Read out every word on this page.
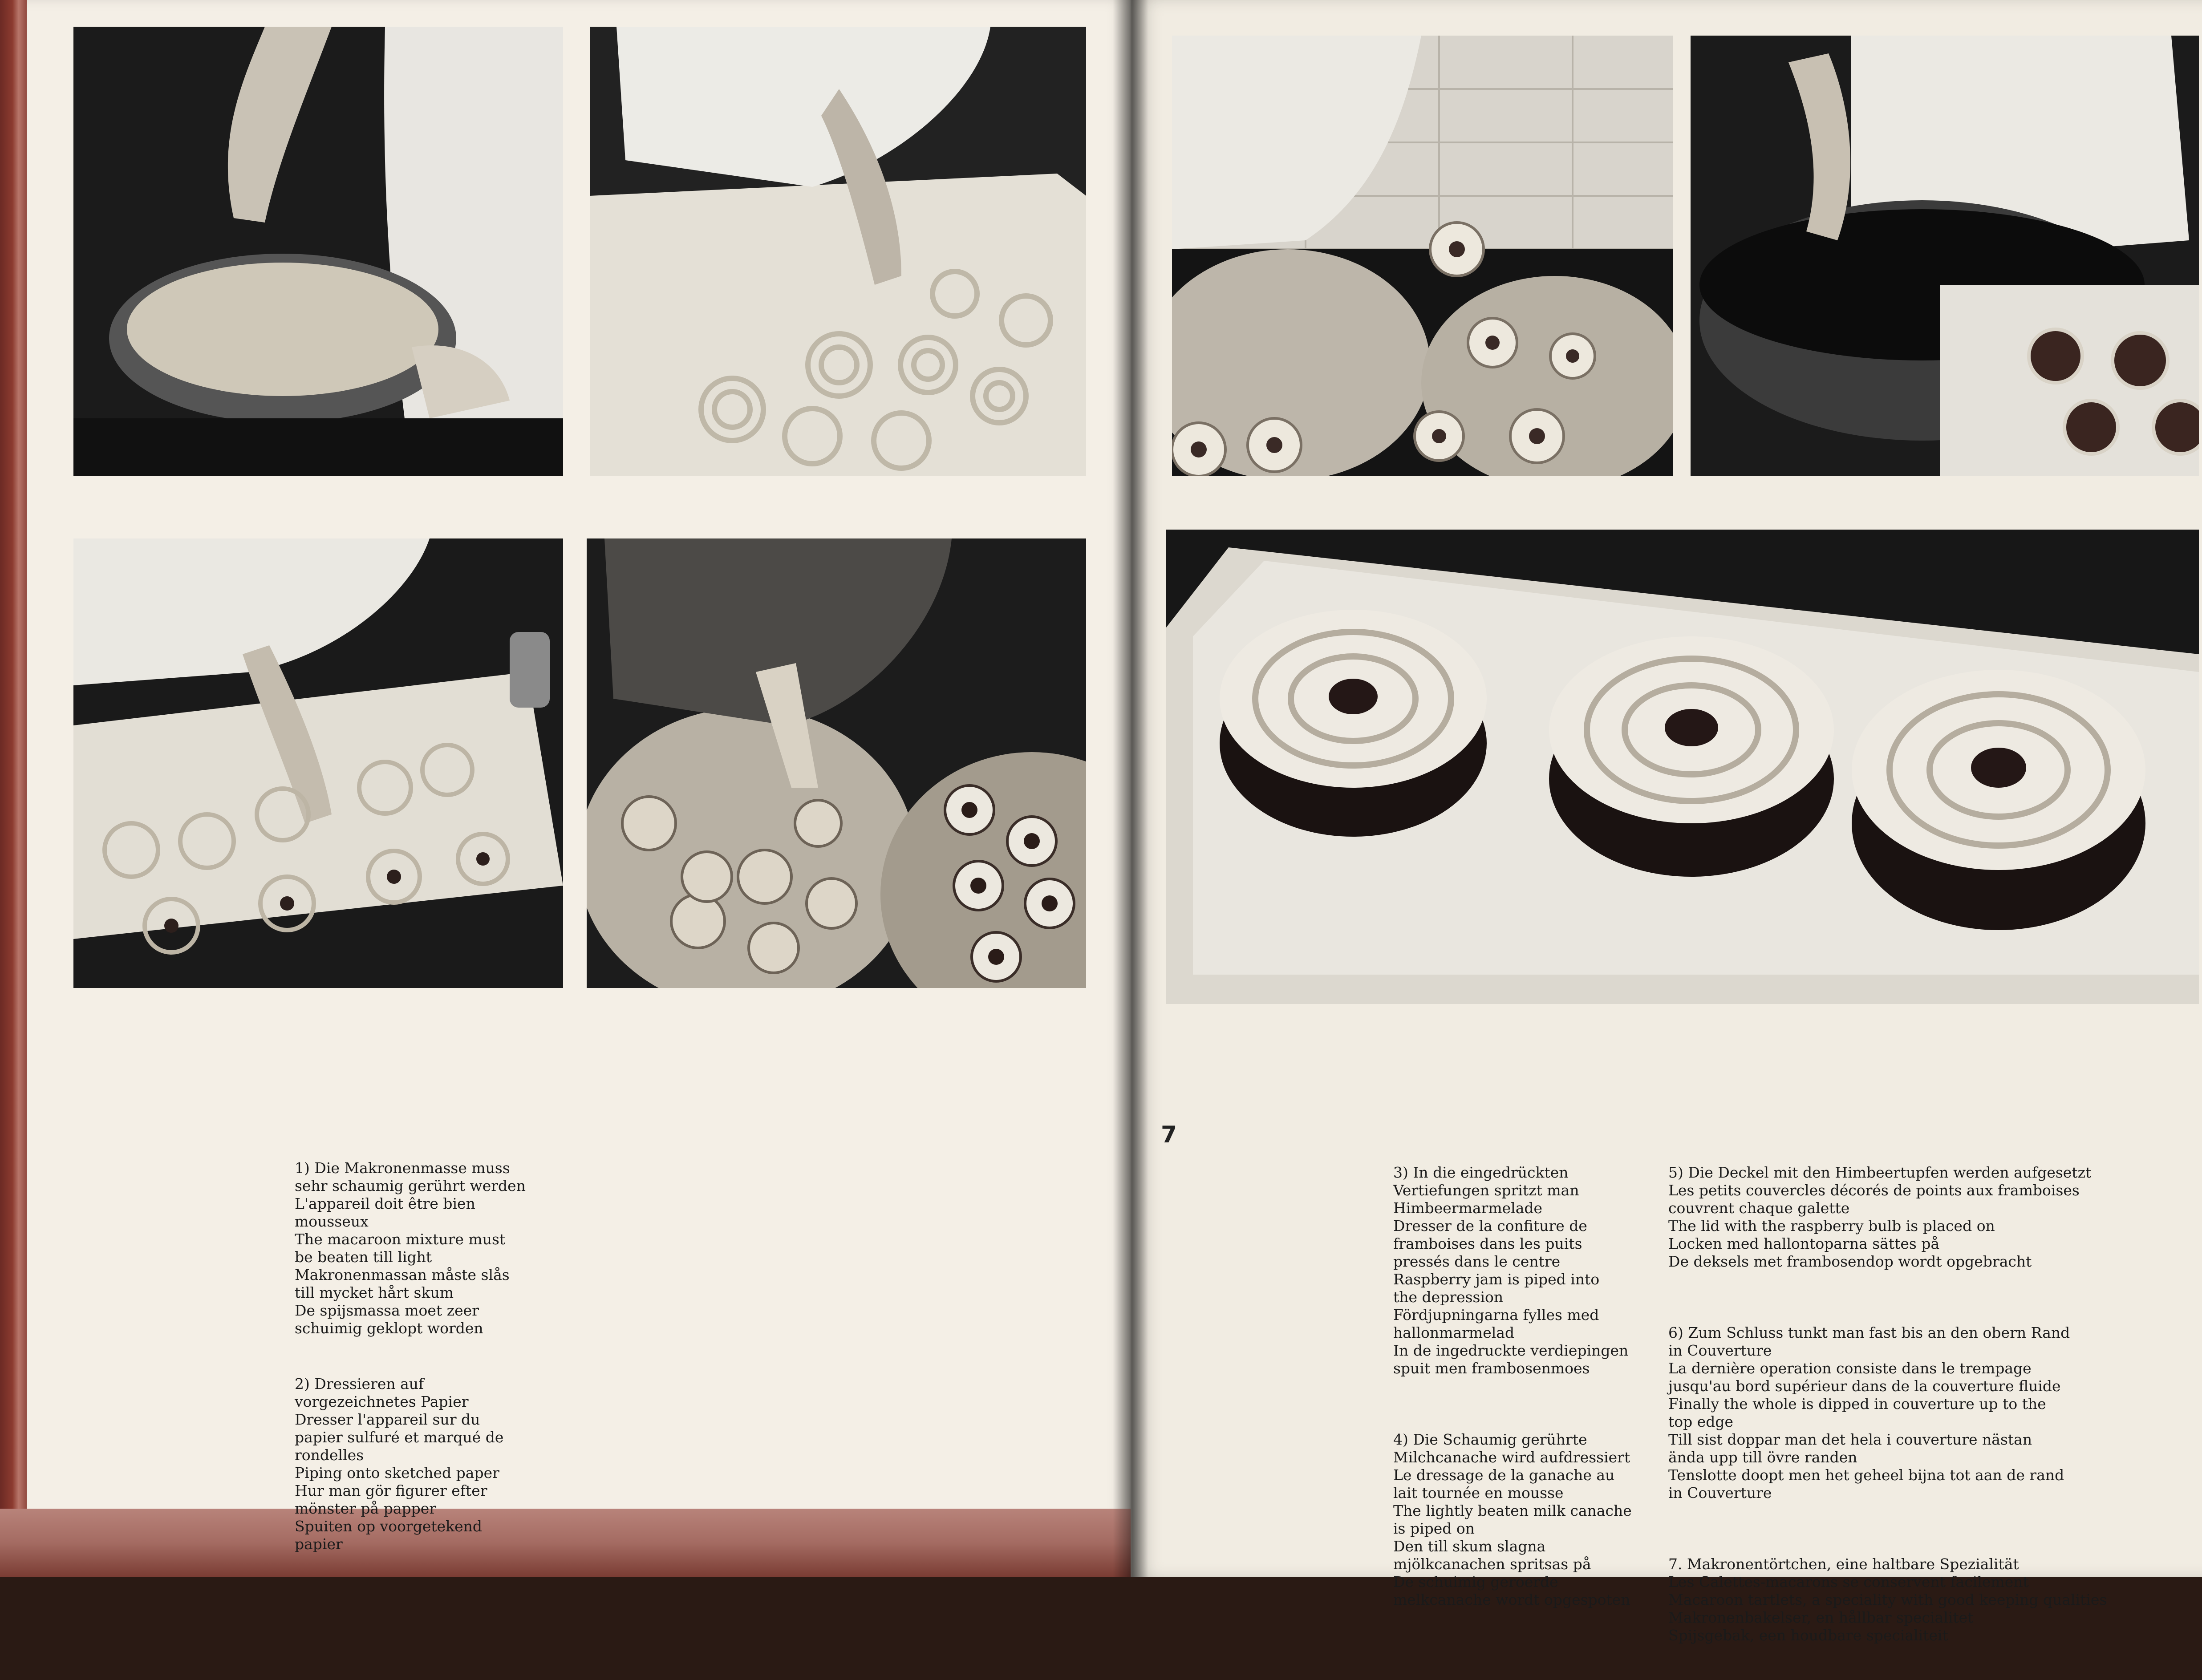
1) Die Makronenmasse muss
sehr schaumig gerührt werden
L'appareil doit être bien
mousseux
The macaroon mixture must
be beaten till light
Makronenmassan måste slås
till mycket hårt skum
De spijsmassa moet zeer
schuimig geklopt worden

2) Dressieren auf
vorgezeichnetes Papier
Dresser l'appareil sur du
papier sulfuré et marqué de
rondelles
Piping onto sketched paper
Hur man gör figurer efter
mönster på papper
Spuiten op voorgetekend
papier

7

3) In die eingedrückten
Vertiefungen spritzt man
Himbeermarmelade
Dresser de la confiture de
framboises dans les puits
pressés dans le centre
Raspberry jam is piped into
the depression
Fördjupningarna fylles med
hallonmarmelad
In de ingedruckte verdiepingen
spuit men frambosenmoes

4) Die Schaumig gerührte
Milchcanache wird aufdressiert
Le dressage de la ganache au
lait tournée en mousse
The lightly beaten milk canache
is piped on
Den till skum slagna
mjölkcanachen spritsas på
De schuimig geroerde
melkcanache wordt opgespoten

5) Die Deckel mit den Himbeertupfen werden aufgesetzt
Les petits couvercles décorés de points aux framboises
couvrent chaque galette
The lid with the raspberry bulb is placed on
Locken med hallontoparna sättes på
De deksels met frambosendop wordt opgebracht

6) Zum Schluss tunkt man fast bis an den obern Rand
in Couverture
La dernière operation consiste dans le trempage
jusqu'au bord supérieur dans de la couverture fluide
Finally the whole is dipped in couverture up to the
top edge
Till sist doppar man det hela i couverture nästan
ända upp till övre randen
Tenslotte doopt men het geheel bijna tot aan de rand
in Couverture

7. Makronentörtchen, eine haltbare Spezialität
Les Calettes-macarons se conservent facilement
Macaroon tartlets, a speciality with good keeping qualities
Makronenbakelser, en hållbar specialitet
Spijsgebak, een houdbare specialiteit
